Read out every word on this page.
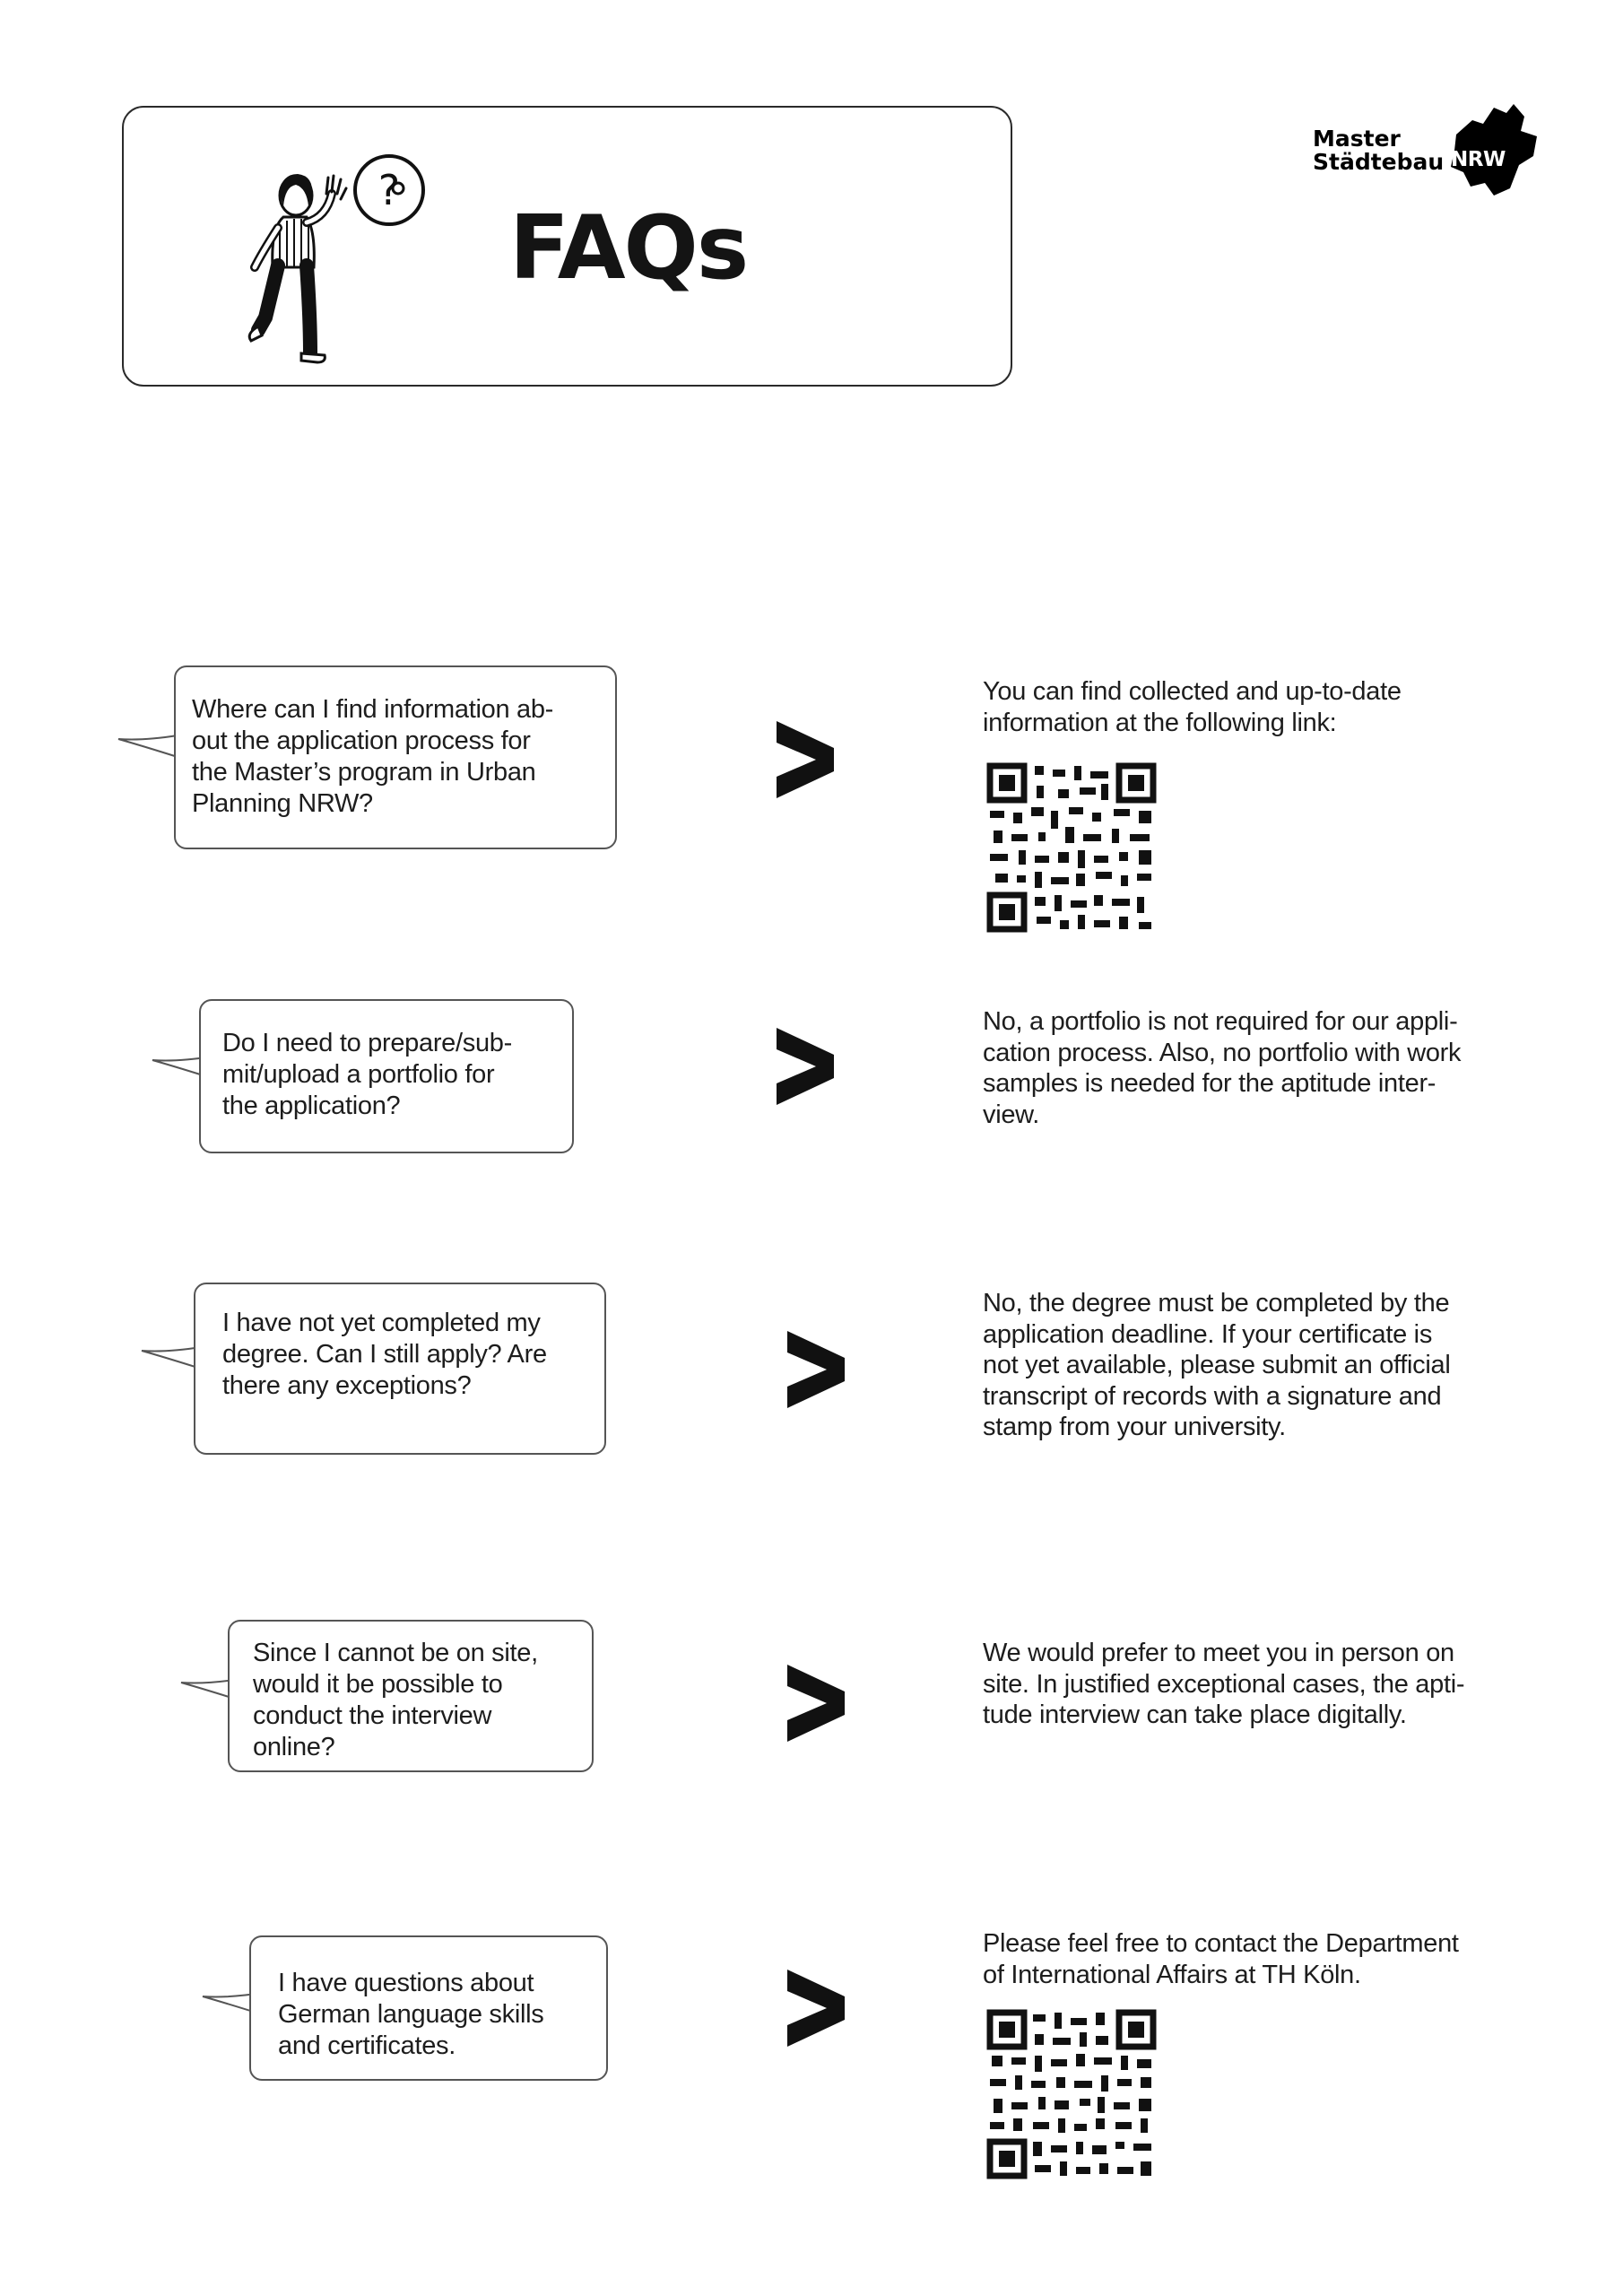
?
FAQs
Master
Städtebau NRW
Where can I find information ab-
out the application process for
the Master’s program in Urban
Planning NRW?
You can find collected and up-to-date
information at the following link:
Do I need to prepare/sub-
mit/upload a portfolio for
the application?
No, a portfolio is not required for our appli-
cation process. Also, no portfolio with work
samples is needed for the aptitude inter-
view.
I have not yet completed my
degree. Can I still apply? Are
there any exceptions?
No, the degree must be completed by the
application deadline. If your certificate is
not yet available, please submit an official
transcript of records with a signature and
stamp from your university.
Since I cannot be on site,
would it be possible to
conduct the interview
online?
We would prefer to meet you in person on
site. In justified exceptional cases, the apti-
tude interview can take place digitally.
I have questions about
German language skills
and certificates.
Please feel free to contact the Department
of International Affairs at TH Köln.
